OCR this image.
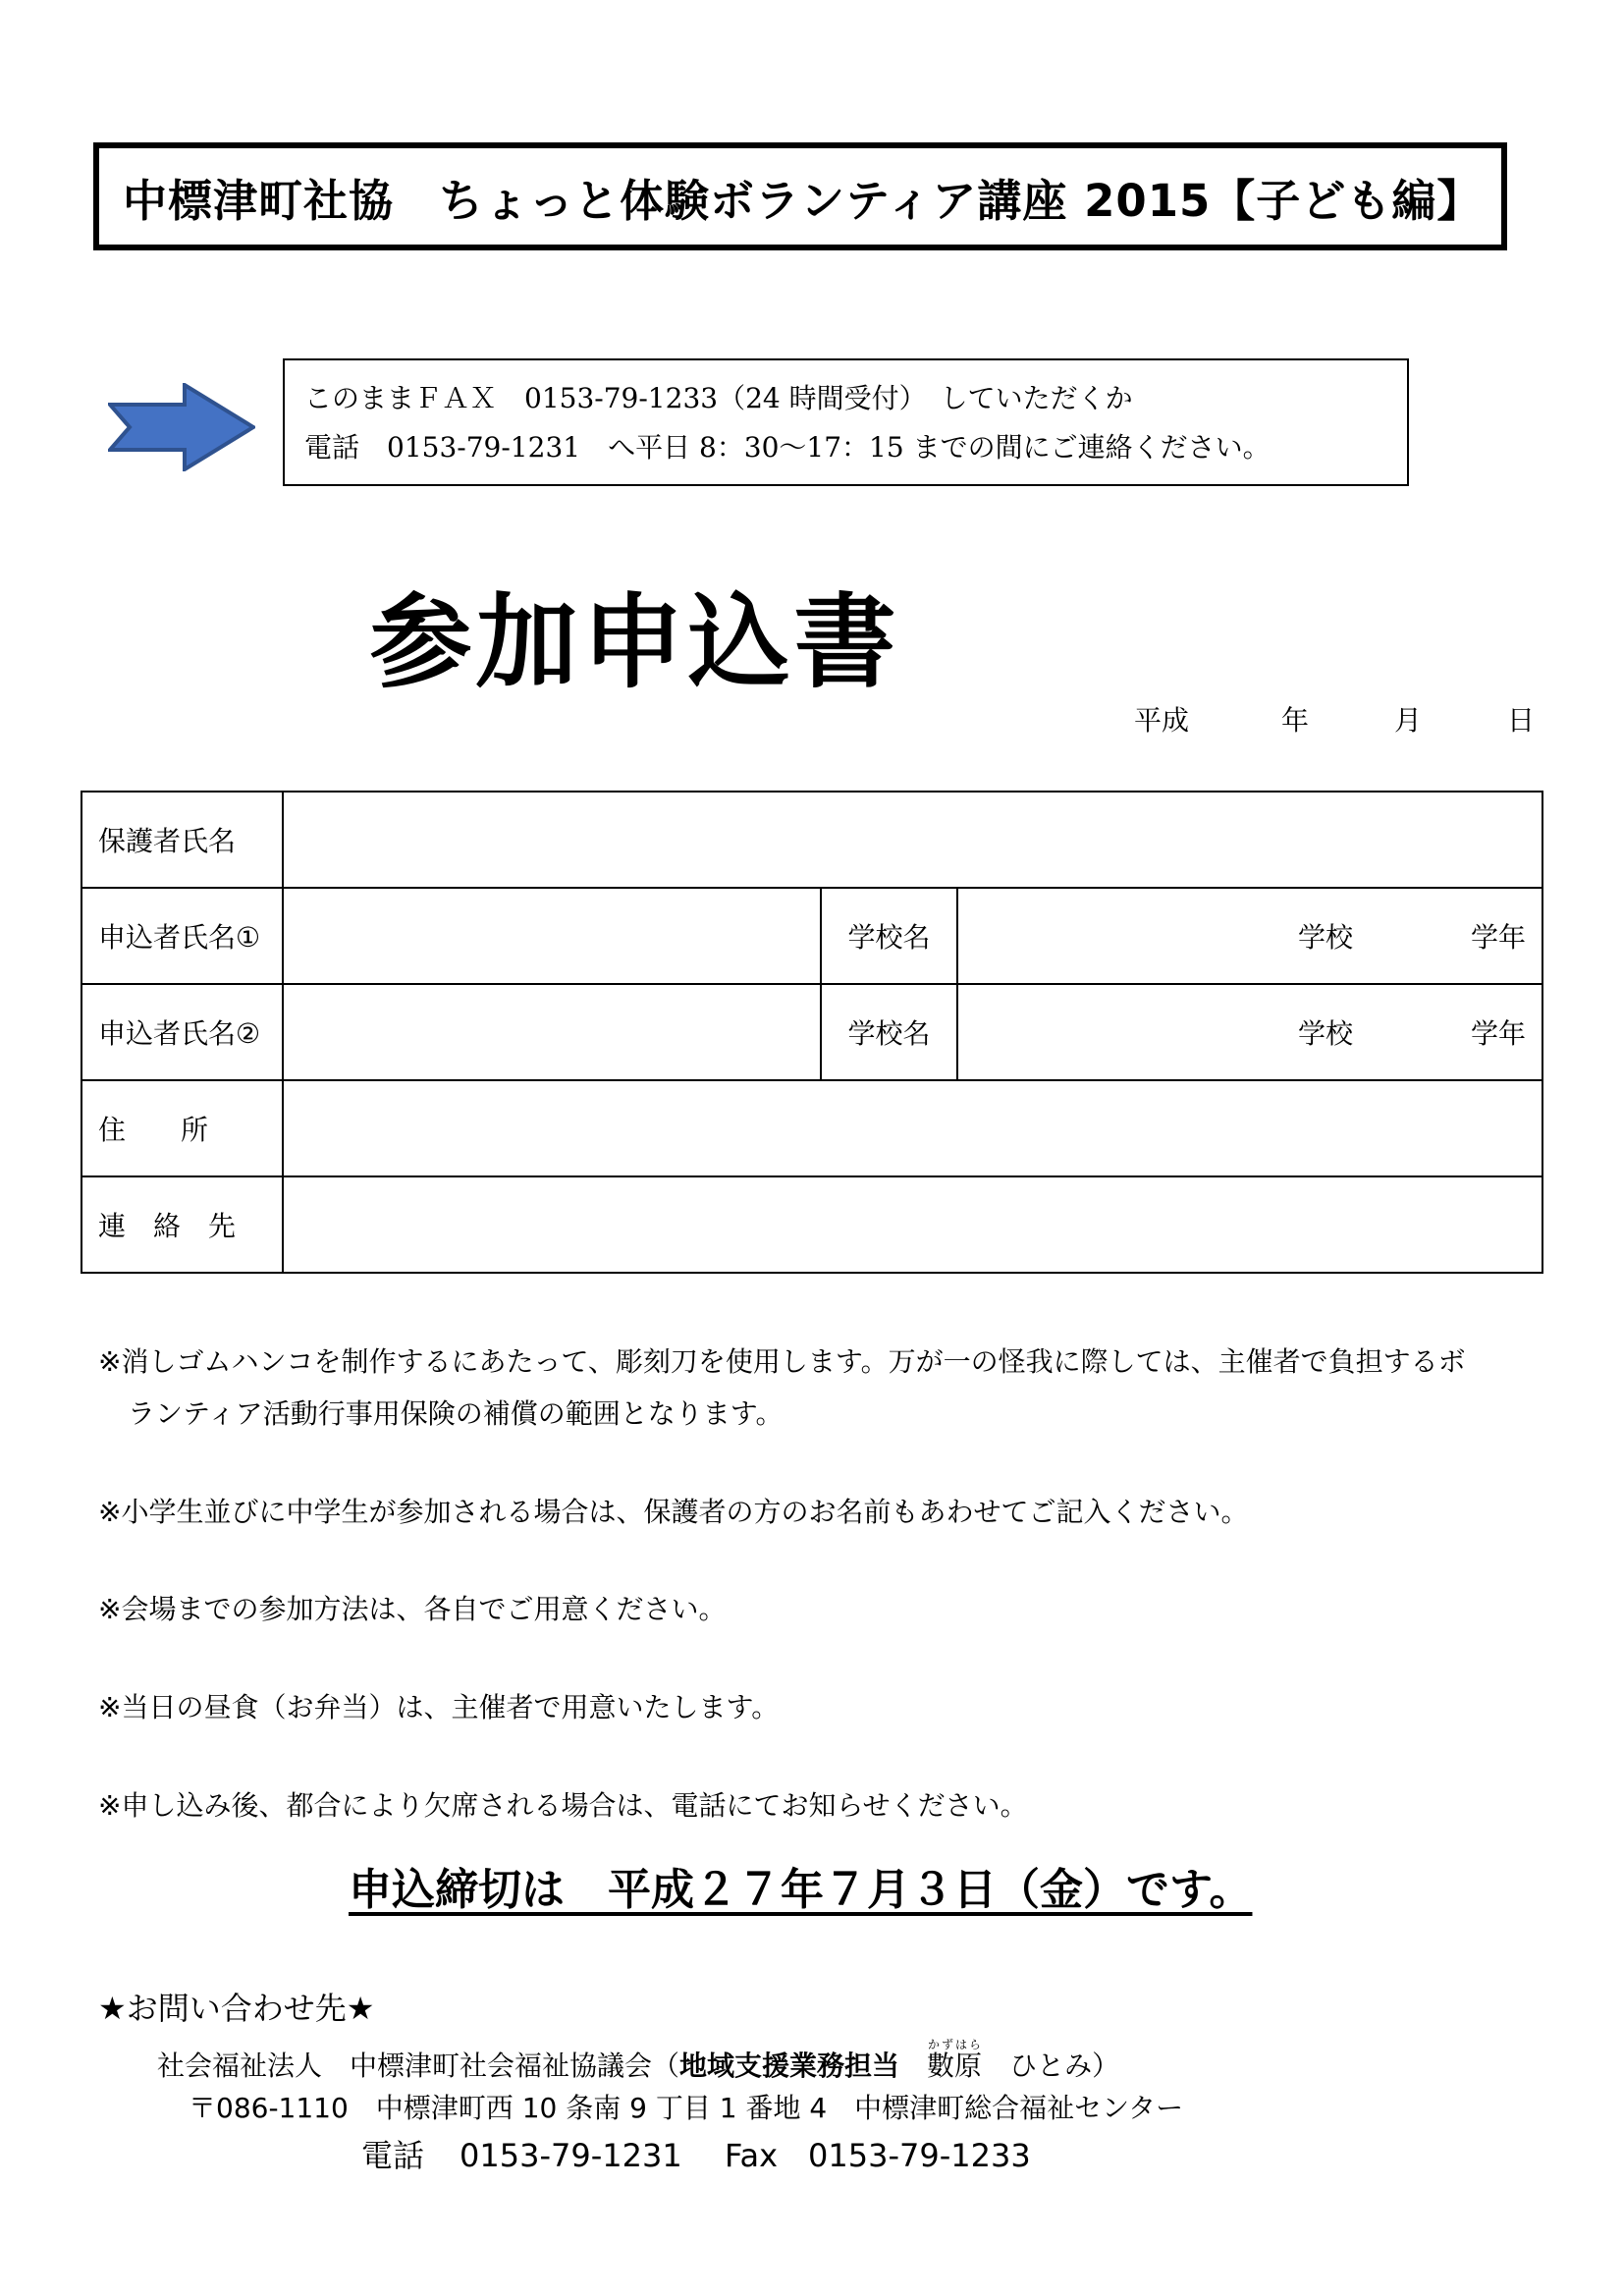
中標津町社協　ちょっと体験ボランティア講座 2015【子ども編】
このままＦＡＸ　0153-79-1233（24 時間受付）　していただくか
電話　0153-79-1231　へ平日 8：30～17：15 までの間にご連絡ください。
参加申込書
平成	年	月	日
保護者氏名			
申込者氏名①		学校名	学校 学年
申込者氏名②		学校名	学校 学年
住　　所			
連　絡　先			
※消しゴムハンコを制作するにあたって、彫刻刀を使用します。万が一の怪我に際しては、主催者で負担するボ
ランティア活動行事用保険の補償の範囲となります。
※小学生並びに中学生が参加される場合は、保護者の方のお名前もあわせてご記入ください。
※会場までの参加方法は、各自でご用意ください。
※当日の昼食（お弁当）は、主催者で用意いたします。
※申し込み後、都合により欠席される場合は、電話にてお知らせください。
申込締切は　平成２７年７月３日（金）です。
★お問い合わせ先★
社会福祉法人　中標津町社会福祉協議会（地域支援業務担当　 數原かずはら　ひとみ）
〒086-1110　中標津町西 10 条南 9 丁目 1 番地 4　中標津町総合福祉センター
電話 0153-79-1231 Fax 0153-79-1233
